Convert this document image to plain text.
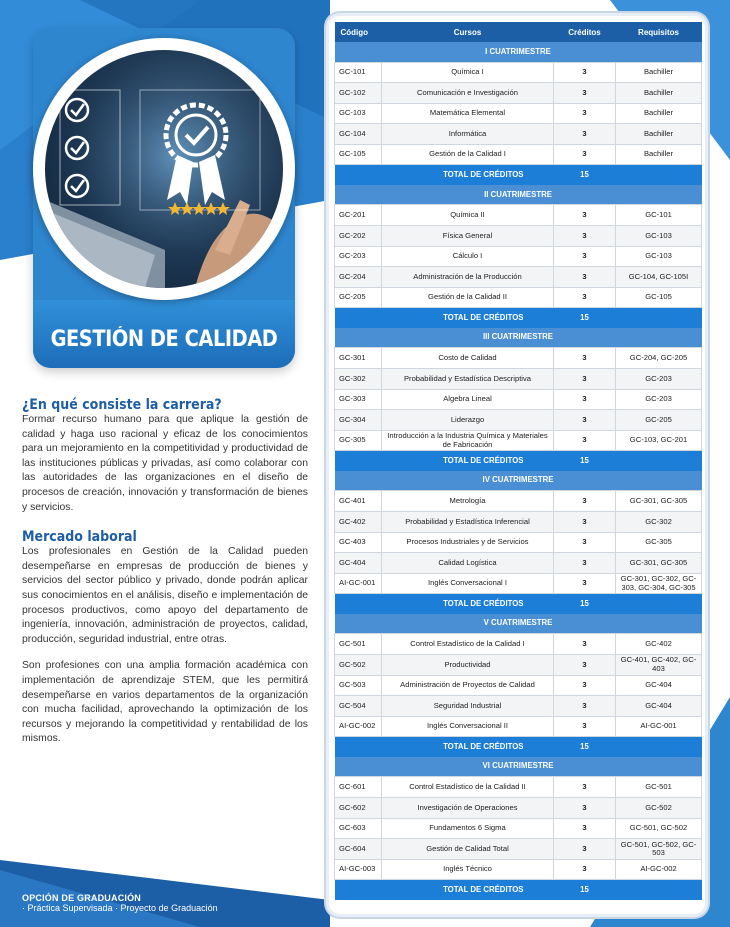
GESTIÓN DE CALIDAD
¿En qué consiste la carrera?

Formar recurso humano para que aplique la gestión de calidad y haga uso racional y eficaz de los conocimientos para un mejoramiento en la competitividad y productividad de las instituciones públicas y privadas, así como colaborar con las autoridades de las organizaciones en el diseño de procesos de creación, innovación y transformación de bienes y servicios.

Mercado laboral

Los profesionales en Gestión de la Calidad pueden desempeñarse en empresas de producción de bienes y servicios del sector público y privado, donde podrán aplicar sus conocimientos en el análisis, diseño e implementación de procesos productivos, como apoyo del departamento de ingeniería, innovación, administración de proyectos, calidad, producción, seguridad industrial, entre otras.

Son profesiones con una amplia formación académica con implementación de aprendizaje STEM, que les permitirá desempeñarse en varios departamentos de la organización con mucha facilidad, aprovechando la optimización de los recursos y mejorando la competitividad y rentabilidad de los mismos.

OPCIÓN DE GRADUACIÓN
· Práctica Supervisada · Proyecto de Graduación
Código	Cursos	Créditos	Requisitos
I CUATRIMESTRE			
GC-101	Química I	3	Bachiller
GC-102	Comunicación e Investigación	3	Bachiller
GC-103	Matemática Elemental	3	Bachiller
GC-104	Informática	3	Bachiller
GC-105	Gestión de la Calidad I	3	Bachiller
TOTAL DE CRÉDITOS		15	
II CUATRIMESTRE			
GC-201	Química II	3	GC-101
GC-202	Física General	3	GC-103
GC-203	Cálculo I	3	GC-103
GC-204	Administración de la Producción	3	GC-104, GC-105I
GC-205	Gestión de la Calidad II	3	GC-105
TOTAL DE CRÉDITOS		15	
III CUATRIMESTRE			
GC-301	Costo de Calidad	3	GC-204, GC-205
GC-302	Probabilidad y Estadística Descriptiva	3	GC-203
GC-303	Algebra Lineal	3	GC-203
GC-304	Liderazgo	3	GC-205
GC-305	Introducción a la Industria Química y Materiales de Fabricación	3	GC-103, GC-201
TOTAL DE CRÉDITOS		15	
IV CUATRIMESTRE			
GC-401	Metrología	3	GC-301, GC-305
GC-402	Probabilidad y Estadística Inferencial	3	GC-302
GC-403	Procesos Industriales y de Servicios	3	GC-305
GC-404	Calidad Logística	3	GC-301, GC-305
AI-GC-001	Inglés Conversacional I	3	GC-301, GC-302, GC-303, GC-304, GC-305
TOTAL DE CRÉDITOS		15	
V CUATRIMESTRE			
GC-501	Control Estadístico de la Calidad I	3	GC-402
GC-502	Productividad	3	GC-401, GC-402, GC-403
GC-503	Administración de Proyectos de Calidad	3	GC-404
GC-504	Seguridad Industrial	3	GC-404
AI-GC-002	Inglés Conversacional II	3	AI-GC-001
TOTAL DE CRÉDITOS		15	
VI CUATRIMESTRE			
GC-601	Control Estadístico de la Calidad II	3	GC-501
GC-602	Investigación de Operaciones	3	GC-502
GC-603	Fundamentos 6 Sigma	3	GC-501, GC-502
GC-604	Gestión de Calidad Total	3	GC-501, GC-502, GC-503
AI-GC-003	Inglés Técnico	3	AI-GC-002
TOTAL DE CRÉDITOS		15	
